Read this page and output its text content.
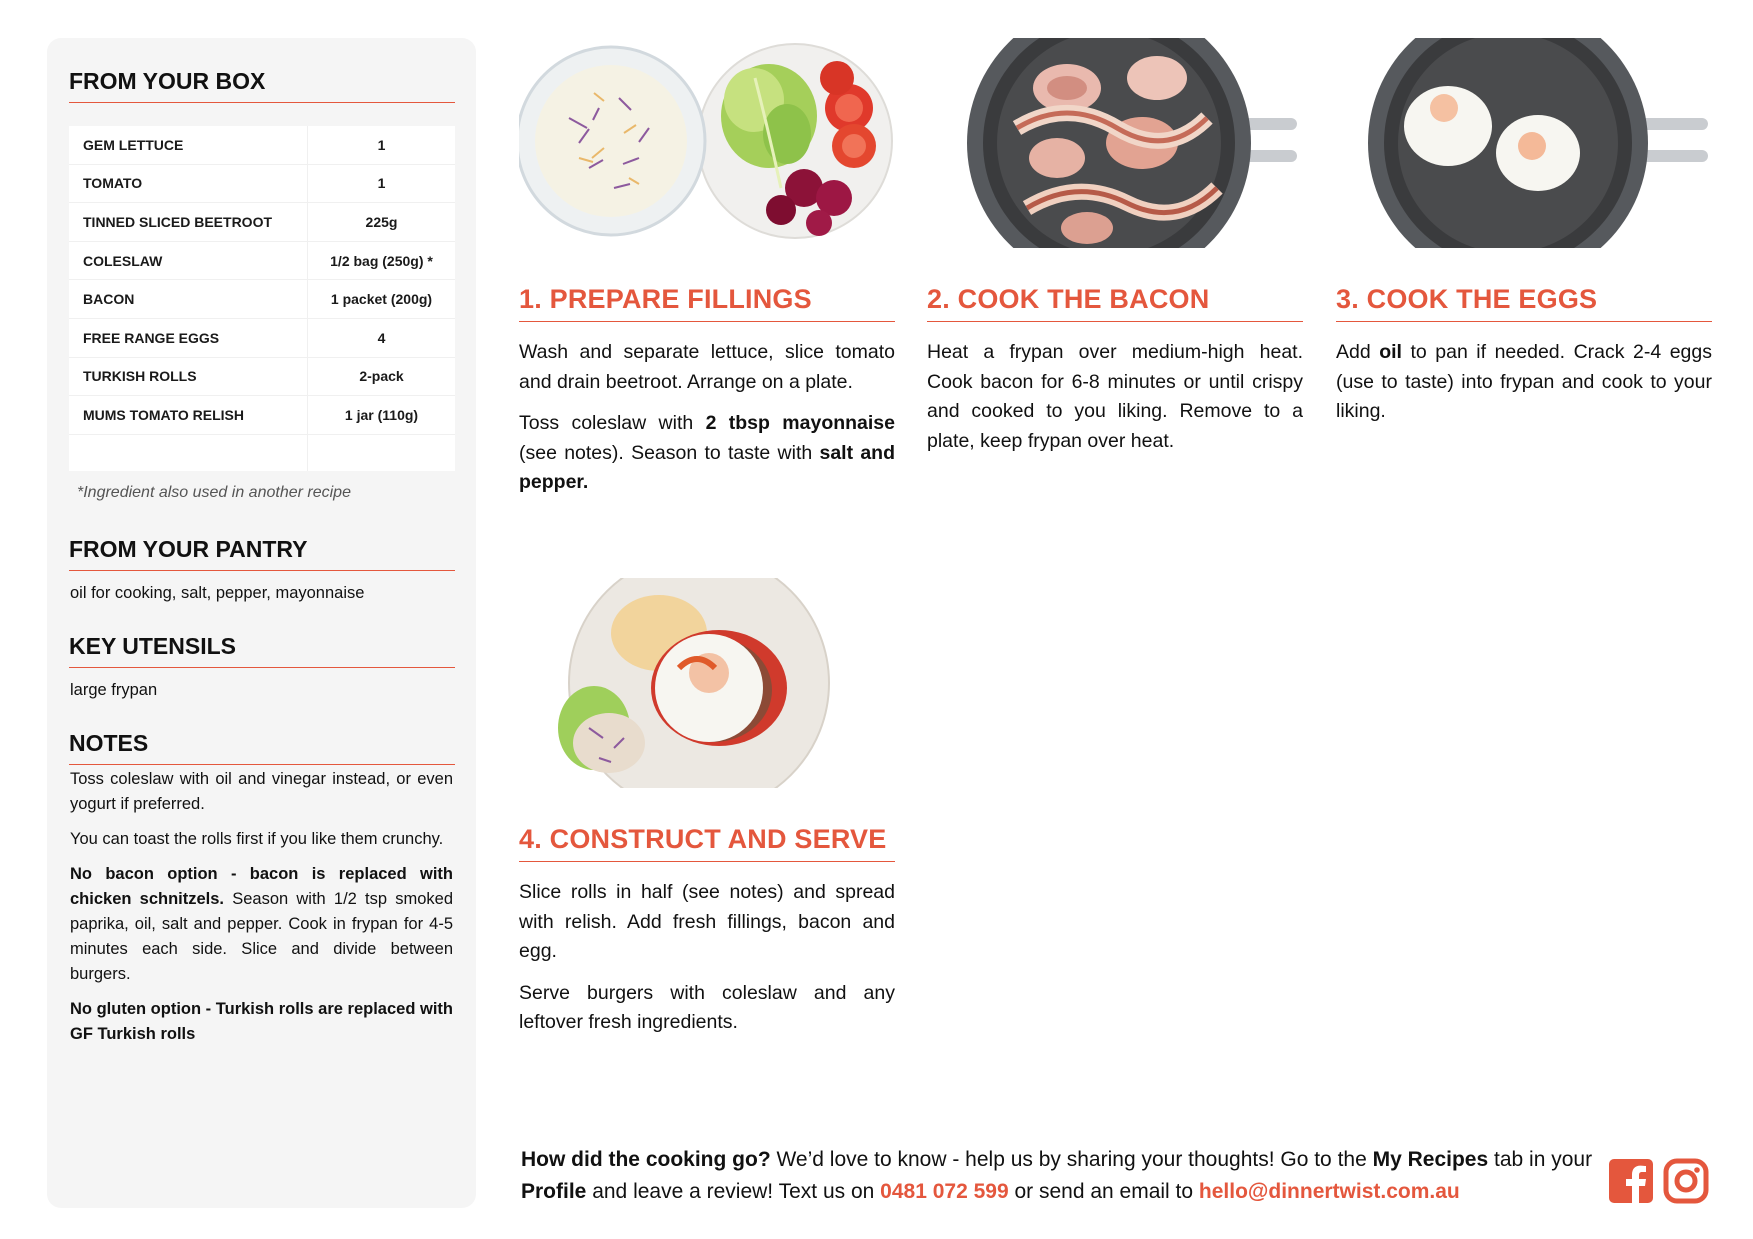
FROM YOUR BOX
GEM LETTUCE	1
TOMATO	1
TINNED SLICED BEETROOT	225g
COLESLAW	1/2 bag (250g) *
BACON	1 packet (200g)
FREE RANGE EGGS	4
TURKISH ROLLS	2-pack
MUMS TOMATO RELISH	1 jar (110g)

*Ingredient also used in another recipe
FROM YOUR PANTRY
oil for cooking, salt, pepper, mayonnaise
KEY UTENSILS
large frypan
NOTES

Toss coleslaw with oil and vinegar instead, or even yogurt if preferred.

You can toast the rolls first if you like them crunchy.

No bacon option - bacon is replaced with chicken schnitzels. Season with 1/2 tsp smoked paprika, oil, salt and pepper. Cook in frypan for 4-5 minutes each side. Slice and divide between burgers.

No gluten option - Turkish rolls are replaced with GF Turkish rolls

1. PREPARE FILLINGS

Wash and separate lettuce, slice tomato and drain beetroot. Arrange on a plate.

Toss coleslaw with 2 tbsp mayonnaise (see notes). Season to taste with salt and pepper.

2. COOK THE BACON

Heat a frypan over medium-high heat. Cook bacon for 6-8 minutes or until crispy and cooked to you liking. Remove to a plate, keep frypan over heat.

3. COOK THE EGGS

Add oil to pan if needed. Crack 2-4 eggs (use to taste) into frypan and cook to your liking.

4. CONSTRUCT AND SERVE

Slice rolls in half (see notes) and spread with relish. Add fresh fillings, bacon and egg.

Serve burgers with coleslaw and any leftover fresh ingredients.

How did the cooking go? We’d love to know - help us by sharing your thoughts! Go to the My Recipes tab in your Profile and leave a review! Text us on 0481 072 599 or send an email to hello@dinnertwist.com.au
